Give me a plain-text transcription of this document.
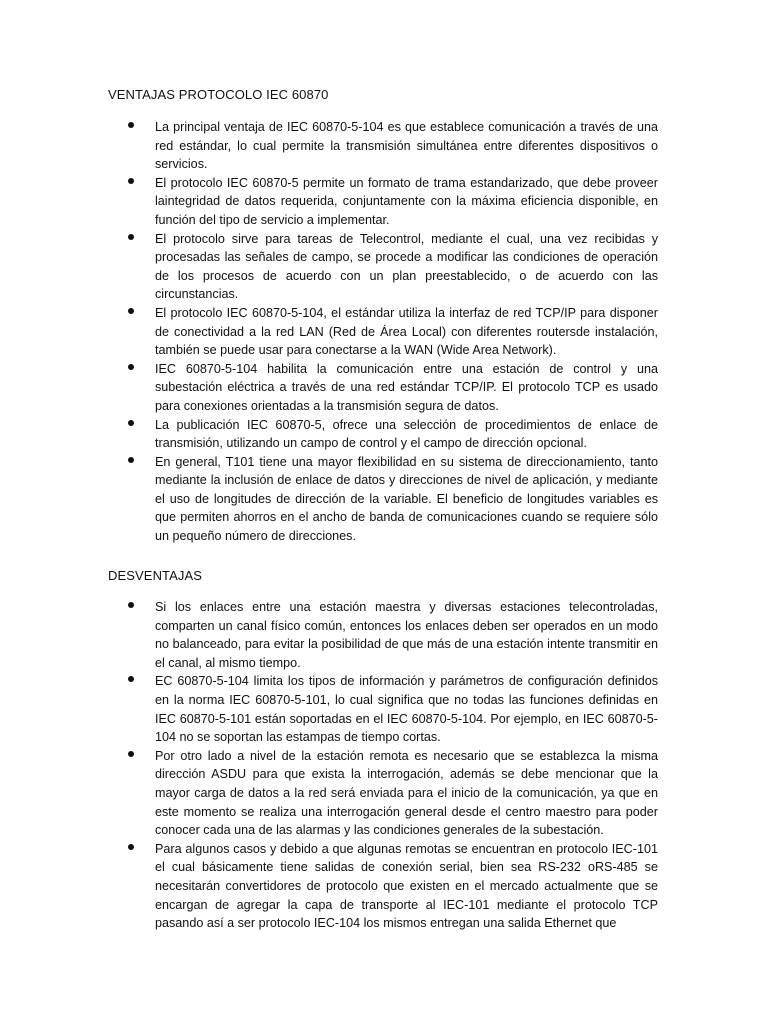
VENTAJAS PROTOCOLO IEC 60870
La principal ventaja de IEC 60870-5-104 es que establece comunicación a través de una red estándar, lo cual permite la transmisión simultánea entre diferentes dispositivos o servicios.
El protocolo IEC 60870-5 permite un formato de trama estandarizado, que debe proveer laintegridad de datos requerida, conjuntamente con la máxima eficiencia disponible, en función del tipo de servicio a implementar.
El protocolo sirve para tareas de Telecontrol, mediante el cual, una vez recibidas y procesadas las señales de campo, se procede a modificar las condiciones de operación de los procesos de acuerdo con un plan preestablecido, o de acuerdo con las circunstancias.
El protocolo IEC 60870-5-104, el estándar utiliza la interfaz de red TCP/IP para disponer de conectividad a la red LAN (Red de Área Local) con diferentes routersde instalación, también se puede usar para conectarse a la WAN (Wide Area Network).
IEC 60870-5-104 habilita la comunicación entre una estación de control y una subestación eléctrica a través de una red estándar TCP/IP. El protocolo TCP es usado para conexiones orientadas a la transmisión segura de datos.
La publicación IEC 60870-5, ofrece una selección de procedimientos de enlace de transmisión, utilizando un campo de control y el campo de dirección opcional.
En general, T101 tiene una mayor flexibilidad en su sistema de direccionamiento, tanto mediante la inclusión de enlace de datos y direcciones de nivel de aplicación, y mediante el uso de longitudes de dirección de la variable. El beneficio de longitudes variables es que permiten ahorros en el ancho de banda de comunicaciones cuando se requiere sólo un pequeño número de direcciones.
DESVENTAJAS
Si los enlaces entre una estación maestra y diversas estaciones telecontroladas, comparten un canal físico común, entonces los enlaces deben ser operados en un modo no balanceado, para evitar la posibilidad de que más de una estación intente transmitir en el canal, al mismo tiempo.
EC 60870-5-104 limita los tipos de información y parámetros de configuración definidos en la norma IEC 60870-5-101, lo cual significa que no todas las funciones definidas en IEC 60870-5-101 están soportadas en el IEC 60870-5-104. Por ejemplo, en IEC 60870-5-104 no se soportan las estampas de tiempo cortas.
Por otro lado a nivel de la estación remota es necesario que se establezca la misma dirección ASDU para que exista la interrogación, además se debe mencionar que la mayor carga de datos a la red será enviada para el inicio de la comunicación, ya que en este momento se realiza una interrogación general desde el centro maestro para poder conocer cada una de las alarmas y las condiciones generales de la subestación.
Para algunos casos y debido a que algunas remotas se encuentran en protocolo IEC-101 el cual básicamente tiene salidas de conexión serial, bien sea RS-232 oRS-485 se necesitarán convertidores de protocolo que existen en el mercado actualmente que se encargan de agregar la capa de transporte al IEC-101 mediante el protocolo TCP pasando así a ser protocolo IEC-104 los mismos entregan una salida Ethernet que
